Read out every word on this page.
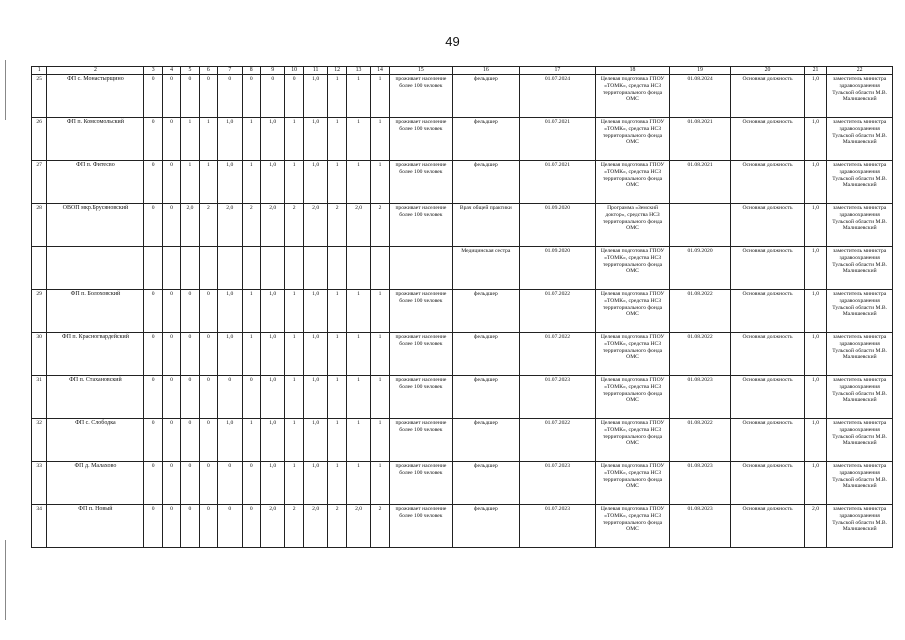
49
1	2	3	4	5	6	7	8	9	10	11	12	13	14	15	16	17	18	19	20	21	22
25	ФП с. Монастырщино	0	0	0	0	0	0	0	0	1,0	1	1	1	проживает население более 100 человек	фельдшер	01.07.2024	Целевая подготовка ГПОУ «ТОМК», средства НСЗ территориального фонда ОМС	01.08.2024	Основная должность	1,0	заместитель министра здравоохранения Тульской области М.В. Малишевский
26	ФП п. Комсомольский	0	0	1	1	1,0	1	1,0	1	1,0	1	1	1	проживает население более 100 человек	фельдшер	01.07.2021	Целевая подготовка ГПОУ «ТОМК», средства НСЗ территориального фонда ОМС	01.08.2021	Основная должность	1,0	заместитель министра здравоохранения Тульской области М.В. Малишевский
27	ФП п. Фитесво	0	0	1	1	1,0	1	1,0	1	1,0	1	1	1	проживает население более 100 человек	фельдшер	01.07.2021	Целевая подготовка ГПОУ «ТОМК», средства НСЗ территориального фонда ОМС	01.08.2021	Основная должность	1,0	заместитель министра здравоохранения Тульской области М.В. Малишевский
28	ОВОП мкр.Брусяновский	0	0	2,0	2	2,0	2	2,0	2	2,0	2	2,0	2	проживает население более 100 человек	Врач общей практики	01.09.2020	Программа «Земский доктор», средства НСЗ территориального фонда ОМС		Основная должность	1,0	заместитель министра здравоохранения Тульской области М.В. Малишевский
															Медицинская сестра	01.09.2020	Целевая подготовка ГПОУ «ТОМК», средства НСЗ территориального фонда ОМС	01.09.2020	Основная должность	1,0	заместитель министра здравоохранения Тульской области М.В. Малишевский
29	ФП п. Болоховский	0	0	0	0	1,0	1	1,0	1	1,0	1	1	1	проживает население более 100 человек	фельдшер	01.07.2022	Целевая подготовка ГПОУ «ТОМК», средства НСЗ территориального фонда ОМС	01.08.2022	Основная должность	1,0	заместитель министра здравоохранения Тульской области М.В. Малишевский
30	ФП п. Красногвардейский	0	0	0	0	1,0	1	1,0	1	1,0	1	1	1	проживает население более 100 человек	фельдшер	01.07.2022	Целевая подготовка ГПОУ «ТОМК», средства НСЗ территориального фонда ОМС	01.08.2022	Основная должность	1,0	заместитель министра здравоохранения Тульской области М.В. Малишевский
31	ФП п. Стахановский	0	0	0	0	0	0	1,0	1	1,0	1	1	1	проживает население более 100 человек	фельдшер	01.07.2023	Целевая подготовка ГПОУ «ТОМК», средства НСЗ территориального фонда ОМС	01.08.2023	Основная должность	1,0	заместитель министра здравоохранения Тульской области М.В. Малишевский
32	ФП с. Слободка	0	0	0	0	1,0	1	1,0	1	1,0	1	1	1	проживает население более 100 человек	фельдшер	01.07.2022	Целевая подготовка ГПОУ «ТОМК», средства НСЗ территориального фонда ОМС	01.08.2022	Основная должность	1,0	заместитель министра здравоохранения Тульской области М.В. Малишевский
33	ФП д. Малахово	0	0	0	0	0	0	1,0	1	1,0	1	1	1	проживает население более 100 человек	фельдшер	01.07.2023	Целевая подготовка ГПОУ «ТОМК», средства НСЗ территориального фонда ОМС	01.08.2023	Основная должность	1,0	заместитель министра здравоохранения Тульской области М.В. Малишевский
34	ФП п. Новый	0	0	0	0	0	0	2,0	2	2,0	2	2,0	2	проживает население более 100 человек	фельдшер	01.07.2023	Целевая подготовка ГПОУ «ТОМК», средства НСЗ территориального фонда ОМС	01.08.2023	Основная должность	2,0	заместитель министра здравоохранения Тульской области М.В. Малишевский
